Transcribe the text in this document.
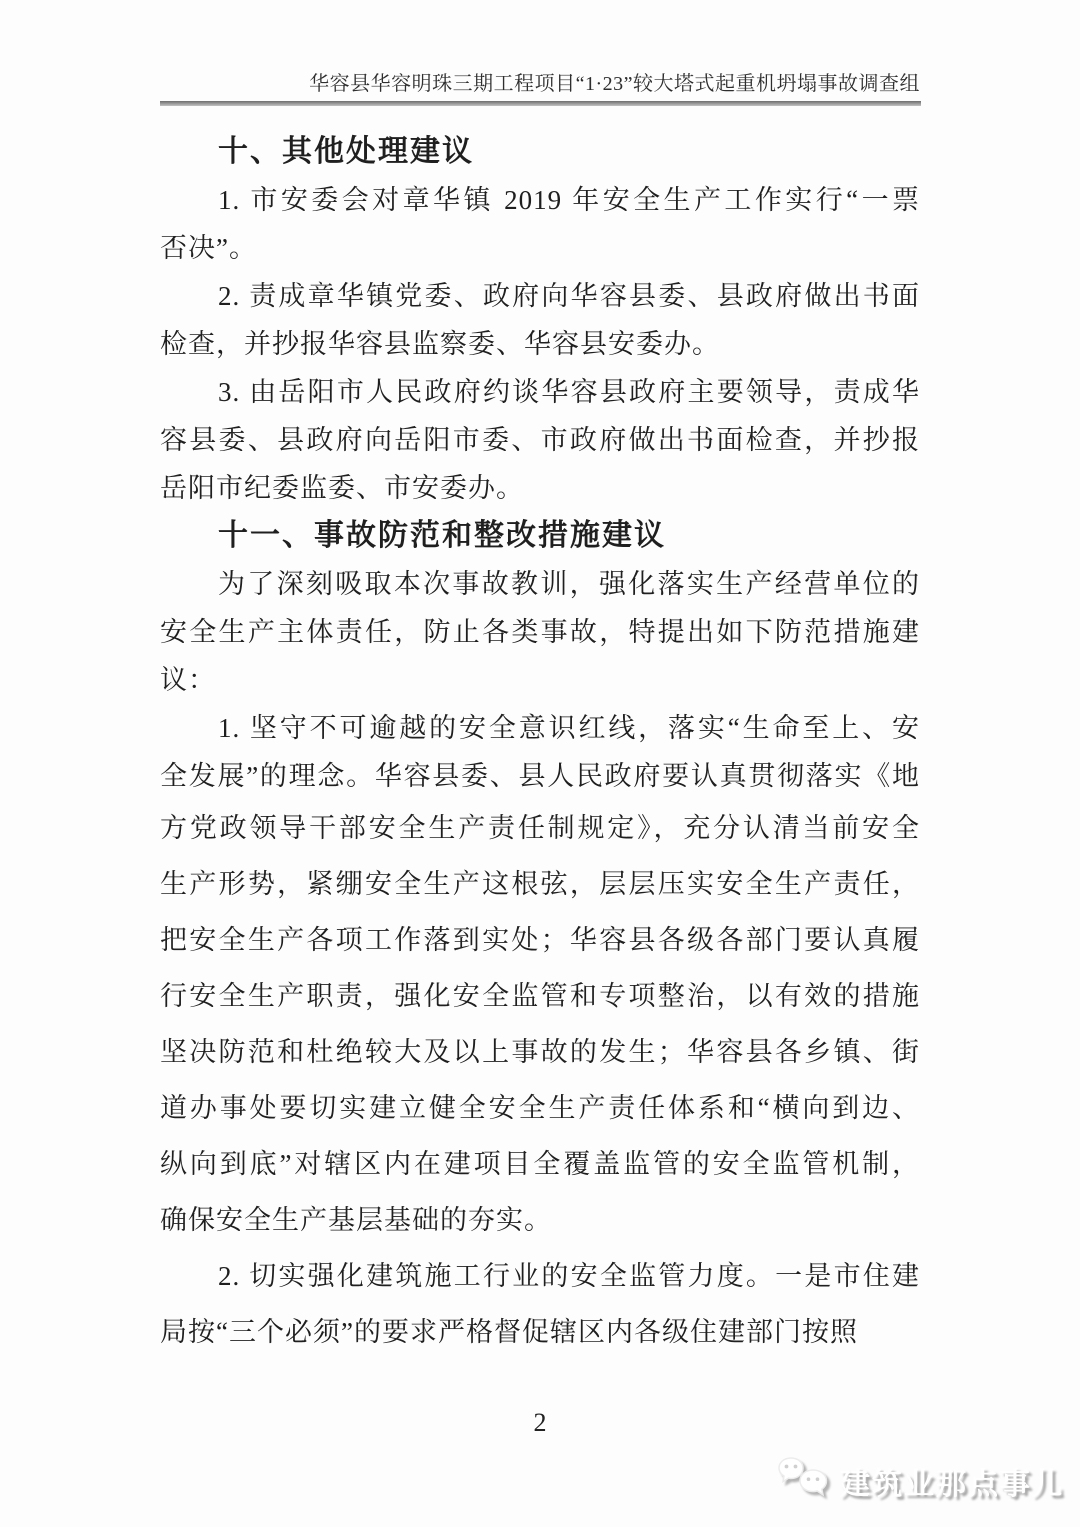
华容县华容明珠三期工程项目“1·23”较大塔式起重机坍塌事故调查组
十、其他处理建议
1. 市安委会对章华镇 2019 年安全生产工作实行“一票
否决”。
2. 责成章华镇党委、政府向华容县委、县政府做出书面
检查，并抄报华容县监察委、华容县安委办。
3. 由岳阳市人民政府约谈华容县政府主要领导，责成华
容县委、县政府向岳阳市委、市政府做出书面检查，并抄报
岳阳市纪委监委、市安委办。
十一、事故防范和整改措施建议
为了深刻吸取本次事故教训，强化落实生产经营单位的
安全生产主体责任，防止各类事故，特提出如下防范措施建
议：
1. 坚守不可逾越的安全意识红线，落实“生命至上、安
全发展”的理念。华容县委、县人民政府要认真贯彻落实《地
方党政领导干部安全生产责任制规定》，充分认清当前安全
生产形势，紧绷安全生产这根弦，层层压实安全生产责任，
把安全生产各项工作落到实处；华容县各级各部门要认真履
行安全生产职责，强化安全监管和专项整治，以有效的措施
坚决防范和杜绝较大及以上事故的发生；华容县各乡镇、街
道办事处要切实建立健全安全生产责任体系和“横向到边、
纵向到底”对辖区内在建项目全覆盖监管的安全监管机制，
确保安全生产基层基础的夯实。
2. 切实强化建筑施工行业的安全监管力度。一是市住建
局按“三个必须”的要求严格督促辖区内各级住建部门按照
2
建筑业那点事儿
